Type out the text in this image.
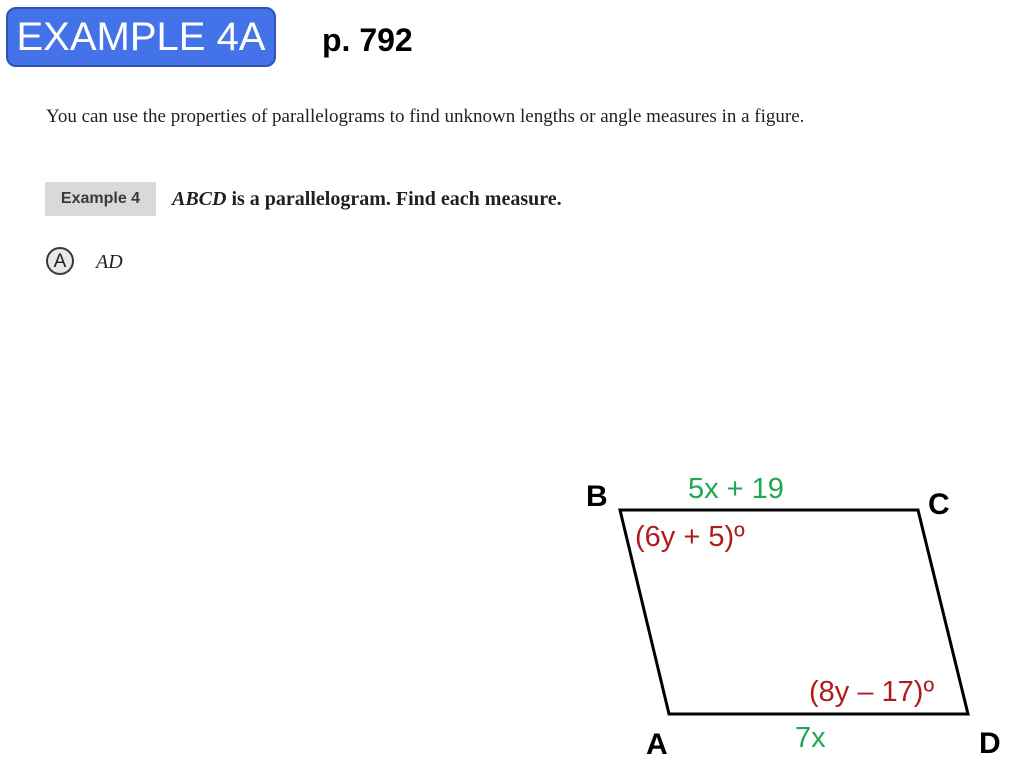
EXAMPLE 4A	p. 792
You can use the properties of parallelograms to find unknown lengths or angle measures in a figure.
Example 4	ABCD is a parallelogram. Find each measure.
A	AD
B	C
A	D
5x + 19
7x
(6y + 5)º
(8y – 17)º
